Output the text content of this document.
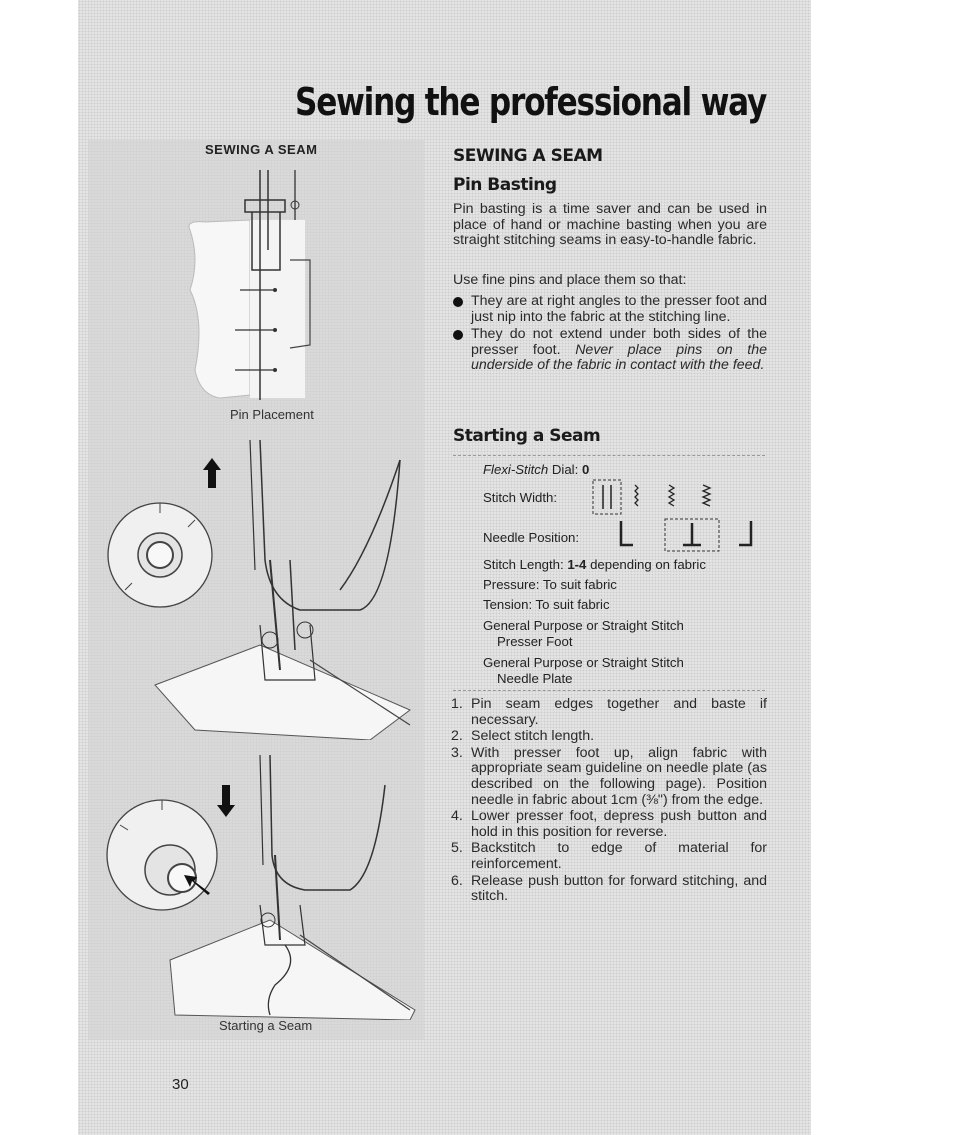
Sewing the professional way
SEWING A SEAM
Pin Placement
Starting a Seam
30
SEWING A SEAM
Pin Basting
Pin basting is a time saver and can be used in place of hand or machine basting when you are straight stitching seams in easy-to-handle fabric.
Use fine pins and place them so that:
They are at right angles to the presser foot and just nip into the fabric at the stitching line.
They do not extend under both sides of the presser foot. Never place pins on the underside of the fabric in contact with the feed.
Starting a Seam
Flexi-Stitch Dial: 0
Stitch Width:
Needle Position:
Stitch Length: 1-4 depending on fabric
Pressure: To suit fabric
Tension: To suit fabric
General Purpose or Straight Stitch
Presser Foot
General Purpose or Straight Stitch
Needle Plate
1. Pin seam edges together and baste if necessary.
2. Select stitch length.
3. With presser foot up, align fabric with appropriate seam guideline on needle plate (as described on the following page). Position needle in fabric about 1cm (⅜") from the edge.
4. Lower presser foot, depress push button and hold in this position for reverse.
5. Backstitch to edge of material for reinforcement.
6. Release push button for forward stitching, and stitch.
